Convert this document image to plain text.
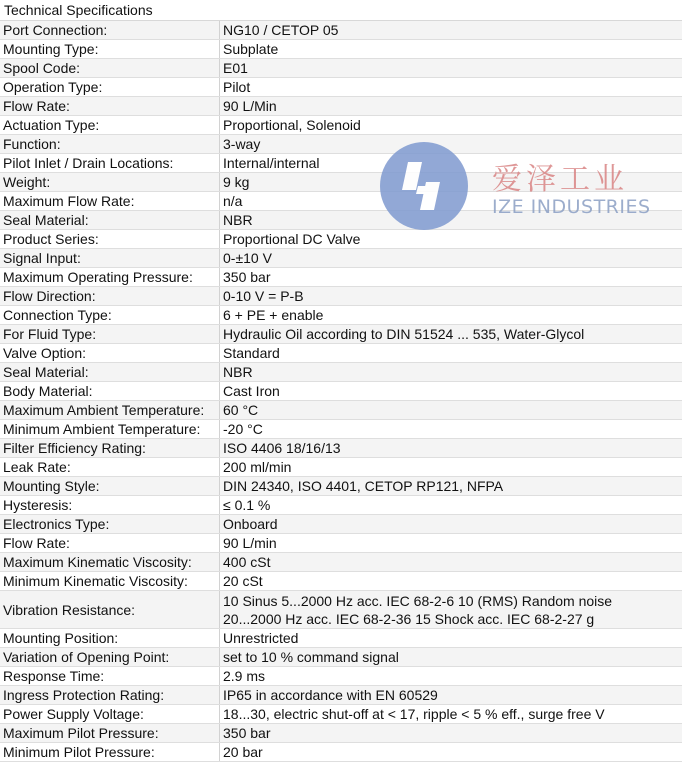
Technical Specifications
Port Connection:	NG10 / CETOP 05
Mounting Type:	Subplate
Spool Code:	E01
Operation Type:	Pilot
Flow Rate:	90 L/Min
Actuation Type:	Proportional, Solenoid
Function:	3-way
Pilot Inlet / Drain Locations:	Internal/internal
Weight:	9 kg
Maximum Flow Rate:	n/a
Seal Material:	NBR
Product Series:	Proportional DC Valve
Signal Input:	0-±10 V
Maximum Operating Pressure:	350 bar
Flow Direction:	0-10 V = P-B
Connection Type:	6 + PE + enable
For Fluid Type:	Hydraulic Oil according to DIN 51524 ... 535, Water-Glycol
Valve Option:	Standard
Seal Material:	NBR
Body Material:	Cast Iron
Maximum Ambient Temperature:	60 °C
Minimum Ambient Temperature:	-20 °C
Filter Efficiency Rating:	ISO 4406 18/16/13
Leak Rate:	200 ml/min
Mounting Style:	DIN 24340, ISO 4401, CETOP RP121, NFPA
Hysteresis:	≤ 0.1 %
Electronics Type:	Onboard
Flow Rate:	90 L/min
Maximum Kinematic Viscosity:	400 cSt
Minimum Kinematic Viscosity:	20 cSt
Vibration Resistance:	10 Sinus 5...2000 Hz acc. IEC 68-2-6 10 (RMS) Random noise
20...2000 Hz acc. IEC 68-2-36 15 Shock acc. IEC 68-2-27 g

Mounting Position:	Unrestricted
Variation of Opening Point:	set to 10 % command signal
Response Time:	2.9 ms
Ingress Protection Rating:	IP65 in accordance with EN 60529
Power Supply Voltage:	18...30, electric shut-off at < 17, ripple < 5 % eff., surge free V
Maximum Pilot Pressure:	350 bar
Minimum Pilot Pressure:	20 bar
爱泽工业
IZE INDUSTRIES
